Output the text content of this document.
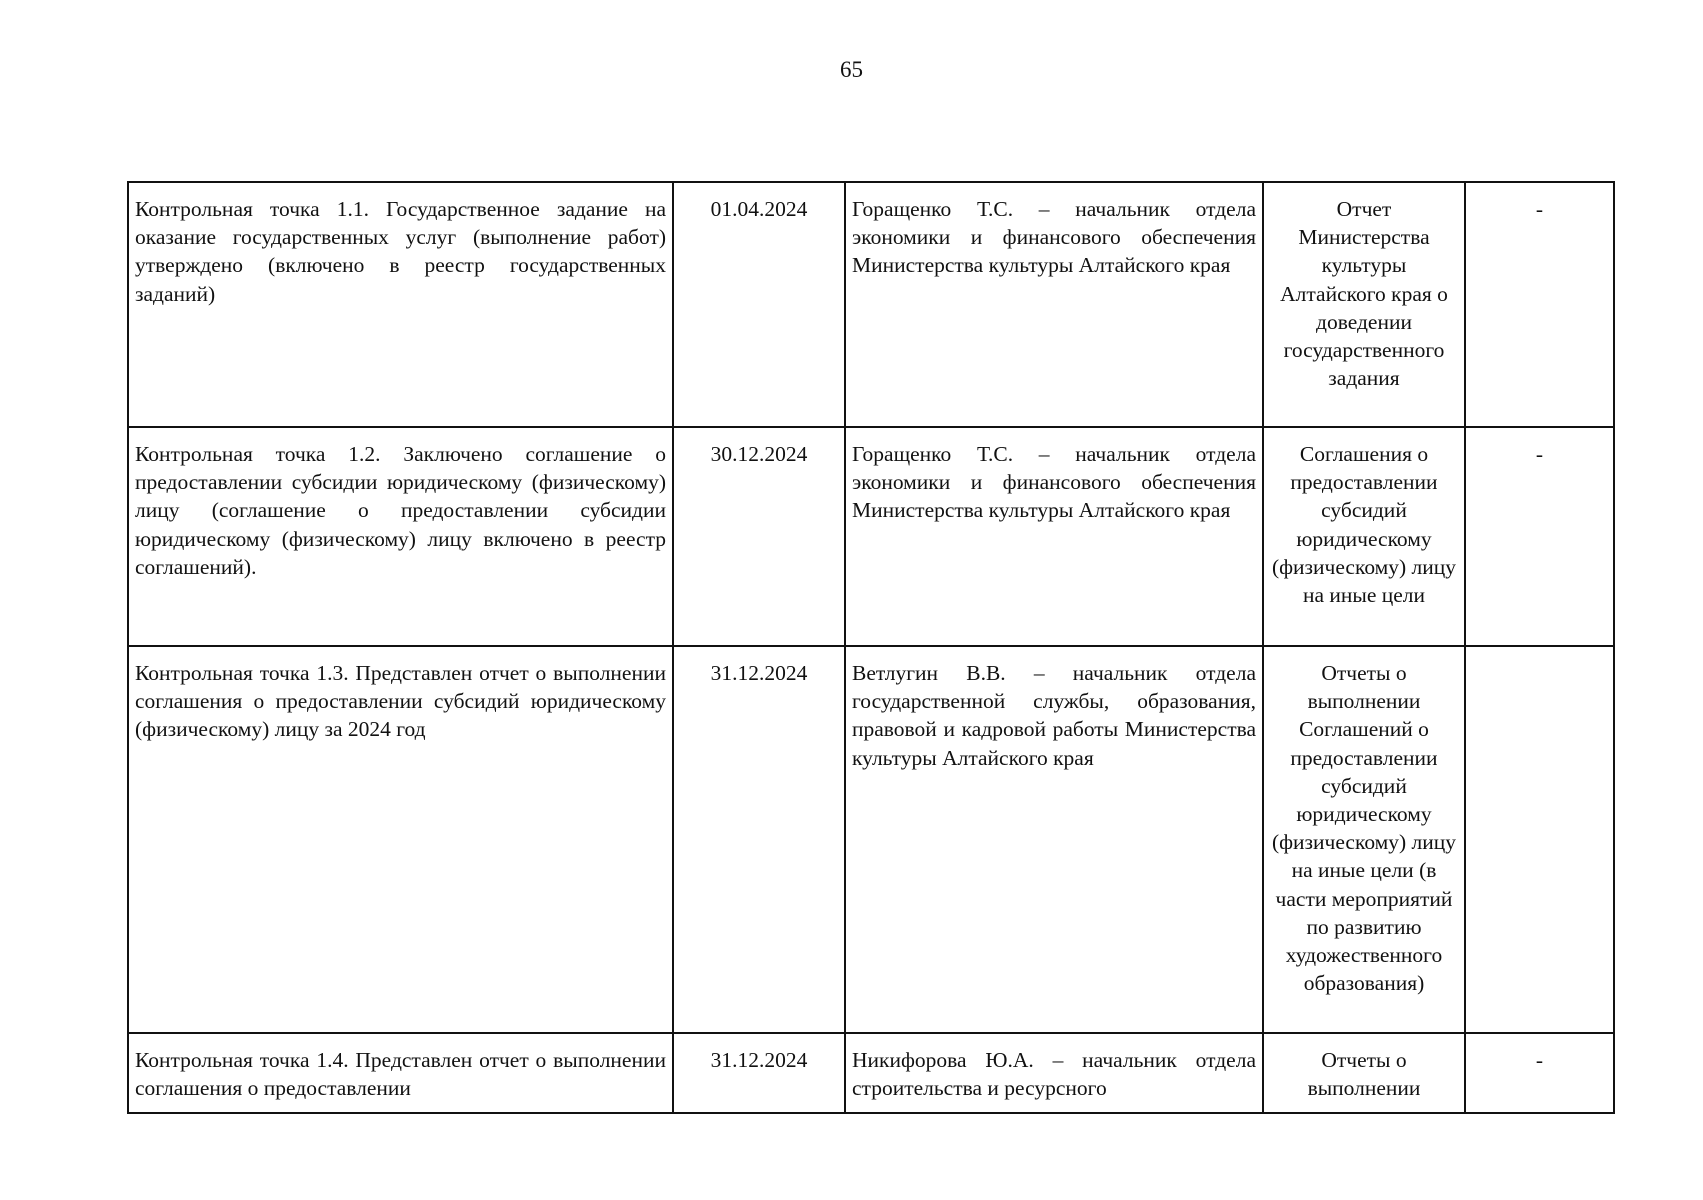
65
Контрольная точка 1.1. Государственное задание на оказание государственных услуг (выполнение работ) утверждено (включено в реестр государственных заданий)	01.04.2024	Горащенко Т.С. – начальник отдела экономики и финансового обеспечения Министерства культуры Алтайского края	Отчет Министерства культуры Алтайского края о доведении государственного задания	-
Контрольная точка 1.2. Заключено соглашение о предоставлении субсидии юридическому (физическому) лицу (соглашение о предоставлении субсидии юридическому (физическому) лицу включено в реестр соглашений).	30.12.2024	Горащенко Т.С. – начальник отдела экономики и финансового обеспечения Министерства культуры Алтайского края	Соглашения о предоставлении субсидий юридическому (физическому) лицу на иные цели	-
Контрольная точка 1.3. Представлен отчет о выполнении соглашения о предоставлении субсидий юридическому (физическому) лицу за 2024 год	31.12.2024	Ветлугин В.В. – начальник отдела государственной службы, образования, правовой и кадровой работы Министерства культуры Алтайского края	Отчеты о выполнении Соглашений о предоставлении субсидий юридическому (физическому) лицу на иные цели (в части мероприятий по развитию художественного образования)	
Контрольная точка 1.4. Представлен отчет о выполнении соглашения о предоставлении	31.12.2024	Никифорова Ю.А. – начальник отдела строительства и ресурсного	Отчеты о выполнении	-
